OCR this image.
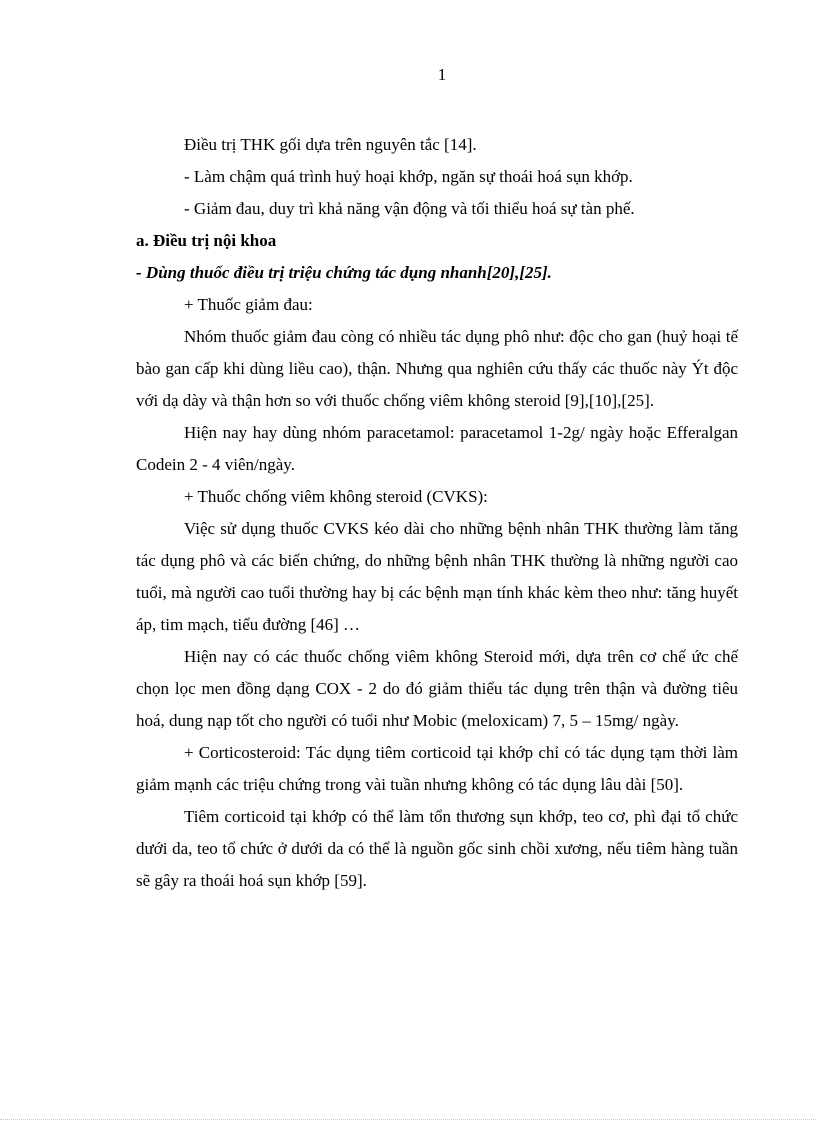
1

Điều trị THK gối dựa trên nguyên tắc [14].

- Làm chậm quá trình huỷ hoại khớp, ngăn sự thoái hoá sụn khớp.

- Giảm đau, duy trì khả năng vận động và tối thiểu hoá sự tàn phế.

a. Điều trị nội khoa

- Dùng thuốc điều trị triệu chứng tác dụng nhanh[20],[25].

+ Thuốc giảm đau:

Nhóm thuốc giảm đau còng có nhiều tác dụng phô như: độc cho gan (huỷ hoại tế bào gan cấp khi dùng liều cao), thận. Nhưng qua nghiên cứu thấy các thuốc này Ýt độc với dạ dày và thận hơn so với thuốc chống viêm không steroid [9],[10],[25].

Hiện nay hay dùng nhóm paracetamol: paracetamol 1-2g/ ngày hoặc Efferalgan Codein 2 - 4 viên/ngày.

+ Thuốc chống viêm không steroid (CVKS):

Việc sử dụng thuốc CVKS kéo dài cho những bệnh nhân THK thường làm tăng tác dụng phô và các biến chứng, do những bệnh nhân THK thường là những người cao tuổi, mà người cao tuổi thường hay bị các bệnh mạn tính khác kèm theo như: tăng huyết áp, tim mạch, tiểu đường [46] …

Hiện nay có các thuốc chống viêm không Steroid mới, dựa trên cơ chế ức chế chọn lọc men đồng dạng COX - 2 do đó giảm thiểu tác dụng trên thận và đường tiêu hoá, dung nạp tốt cho người có tuổi như Mobic (meloxicam) 7, 5 – 15mg/ ngày.

+ Corticosteroid: Tác dụng tiêm corticoid tại khớp chỉ có tác dụng tạm thời làm giảm mạnh các triệu chứng trong vài tuần nhưng không có tác dụng lâu dài [50].

Tiêm corticoid tại khớp có thể làm tổn thương sụn khớp, teo cơ, phì đại tổ chức dưới da, teo tổ chức ở dưới da có thể là nguồn gốc sinh chồi xương, nếu tiêm hàng tuần sẽ gây ra thoái hoá sụn khớp [59].
